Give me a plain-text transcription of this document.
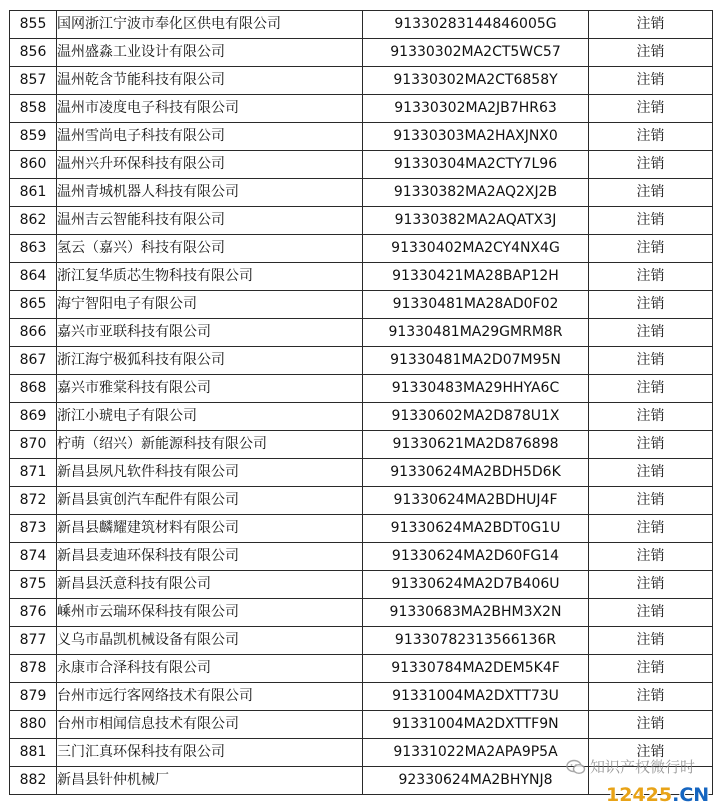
855	国网浙江宁波市奉化区供电有限公司	91330283144846005G	注销
856	温州盛淼工业设计有限公司	91330302MA2CT5WC57	注销
857	温州乾含节能科技有限公司	91330302MA2CT6858Y	注销
858	温州市凌度电子科技有限公司	91330302MA2JB7HR63	注销
859	温州雪尚电子科技有限公司	91330303MA2HAXJNX0	注销
860	温州兴升环保科技有限公司	91330304MA2CTY7L96	注销
861	温州青城机器人科技有限公司	91330382MA2AQ2XJ2B	注销
862	温州吉云智能科技有限公司	91330382MA2AQATX3J	注销
863	氢云（嘉兴）科技有限公司	91330402MA2CY4NX4G	注销
864	浙江复华质芯生物科技有限公司	91330421MA28BAP12H	注销
865	海宁智阳电子有限公司	91330481MA28AD0F02	注销
866	嘉兴市亚联科技有限公司	91330481MA29GMRM8R	注销
867	浙江海宁极狐科技有限公司	91330481MA2D07M95N	注销
868	嘉兴市雅棠科技有限公司	91330483MA29HHYA6C	注销
869	浙江小琥电子有限公司	91330602MA2D878U1X	注销
870	柠萌（绍兴）新能源科技有限公司	91330621MA2D876898	注销
871	新昌县夙凡软件科技有限公司	91330624MA2BDH5D6K	注销
872	新昌县寅创汽车配件有限公司	91330624MA2BDHUJ4F	注销
873	新昌县麟耀建筑材料有限公司	91330624MA2BDT0G1U	注销
874	新昌县麦迪环保科技有限公司	91330624MA2D60FG14	注销
875	新昌县沃意科技有限公司	91330624MA2D7B406U	注销
876	嵊州市云瑞环保科技有限公司	91330683MA2BHM3X2N	注销
877	义乌市晶凯机械设备有限公司	91330782313566136R	注销
878	永康市合泽科技有限公司	91330784MA2DEM5K4F	注销
879	台州市远行客网络技术有限公司	91331004MA2DXTT73U	注销
880	台州市相闻信息技术有限公司	91331004MA2DXTTF9N	注销
881	三门汇真环保科技有限公司	91331022MA2APA9P5A	注销
882	新昌县针仲机械厂	92330624MA2BHYNJ8	
知识产权微行时
12425.CN
